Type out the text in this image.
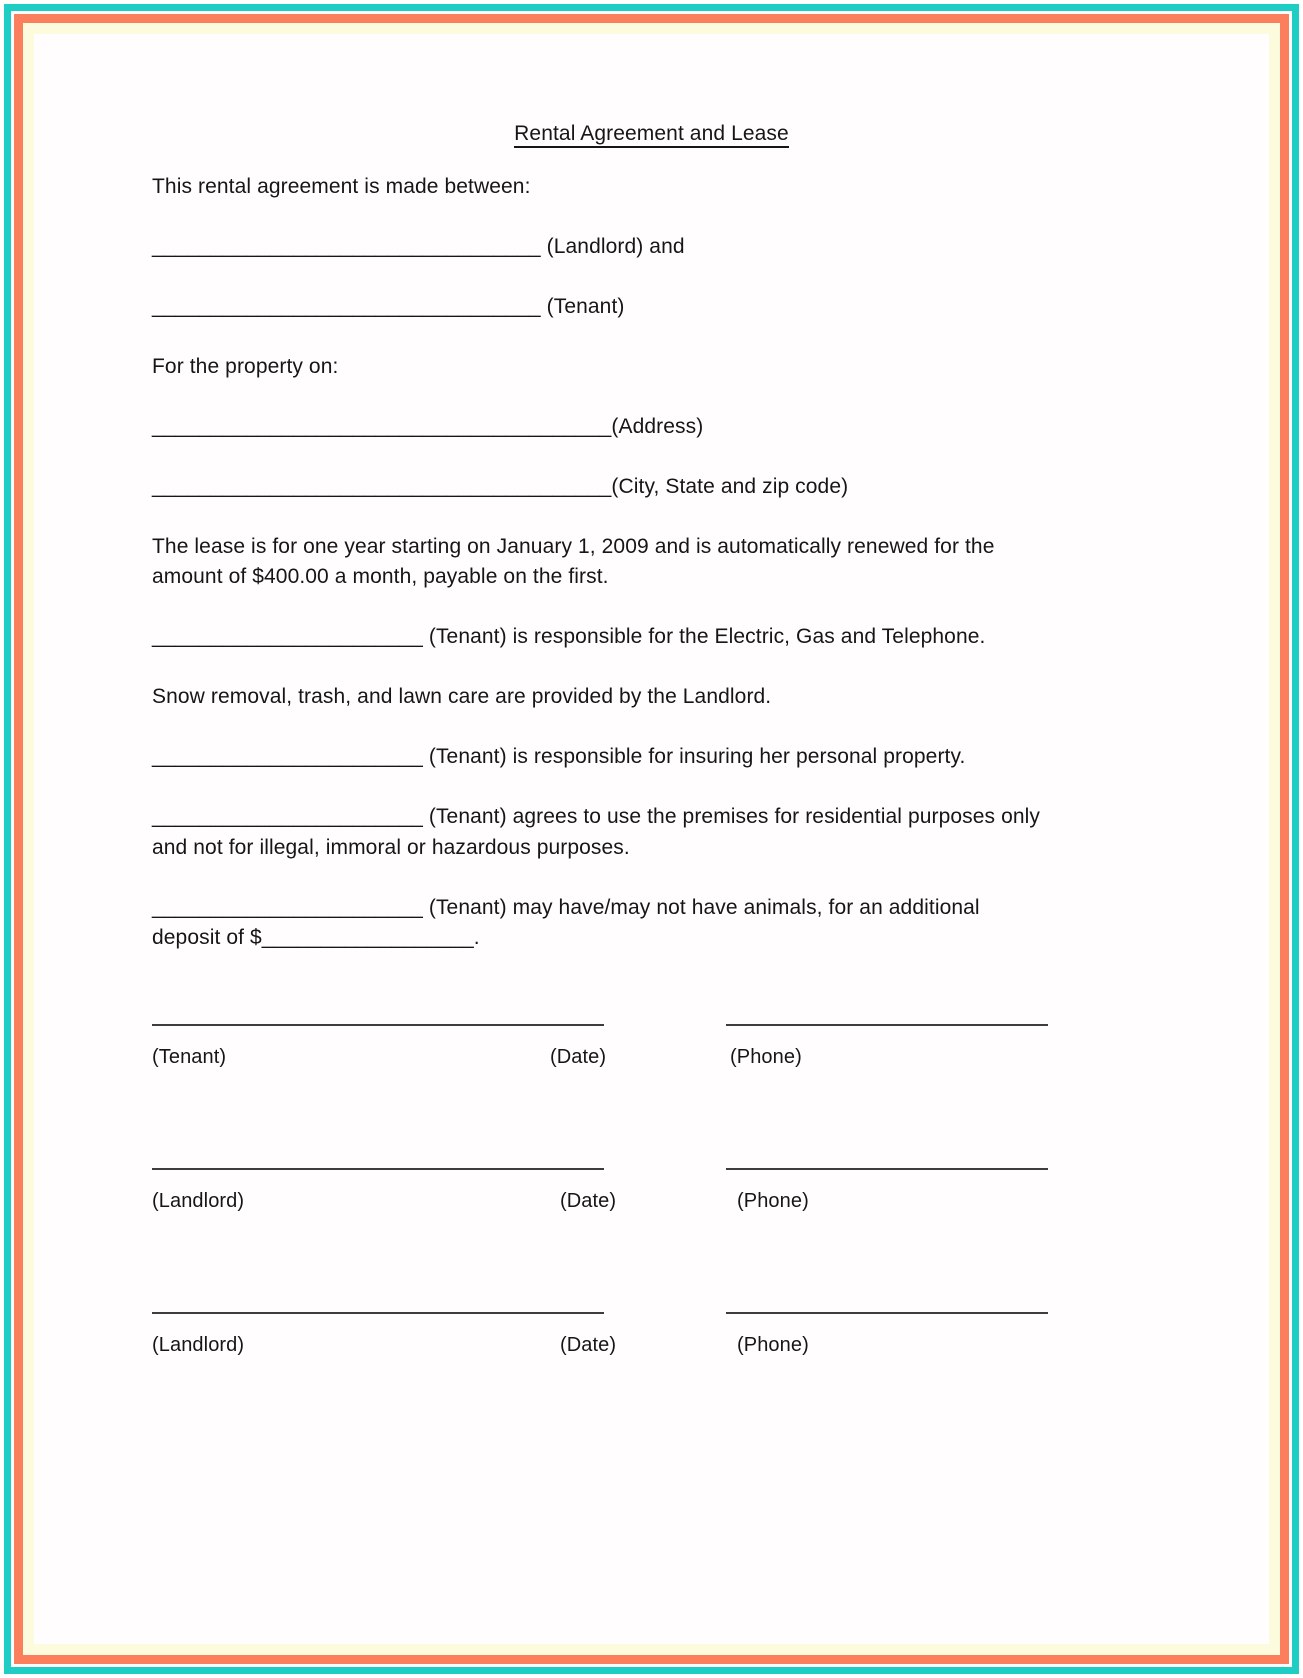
Rental Agreement and Lease

This rental agreement is made between:

_________________________________ (Landlord) and

_________________________________ (Tenant)

For the property on:

_______________________________________(Address)

_______________________________________(City, State and zip code)

The lease is for one year starting on January 1, 2009 and is automatically renewed for the amount of $400.00 a month, payable on the first.

_______________________ (Tenant) is responsible for the Electric, Gas and Telephone.

Snow removal, trash, and lawn care are provided by the Landlord.

_______________________ (Tenant) is responsible for insuring her personal property.

_______________________ (Tenant) agrees to use the premises for residential purposes only and not for illegal, immoral or hazardous purposes.

_______________________ (Tenant) may have/may not have animals, for an additional deposit of $__________________.

(Tenant)	(Date)	(Phone)
(Landlord)	(Date)	(Phone)
(Landlord)	(Date)	(Phone)
